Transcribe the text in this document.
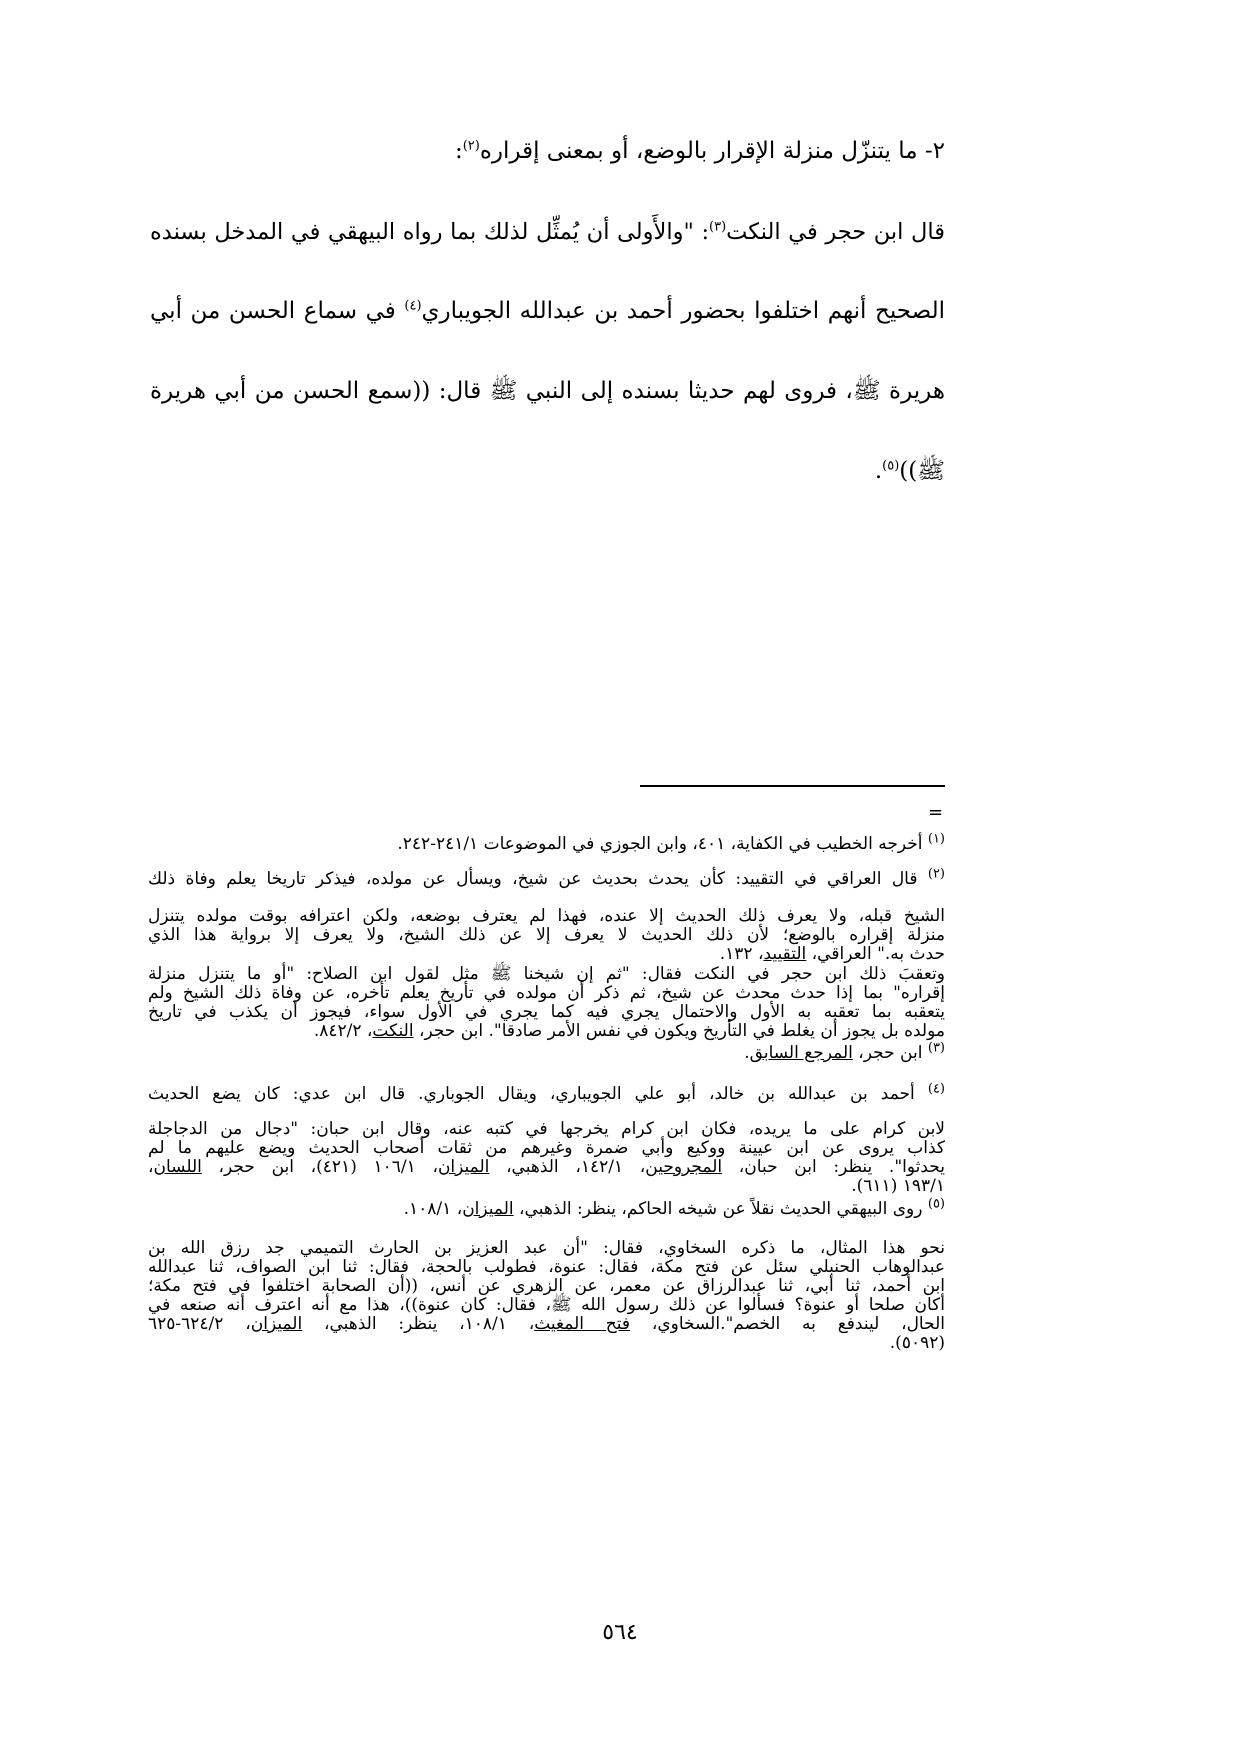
٢- ما يتنزّل منزلة الإقرار بالوضع، أو بمعنى إقراره$^{(٢)}$:
قال ابن حجر في النكت$^{(٣)}$: "والأَولى أن يُمثِّل لذلك بما رواه البيهقي في المدخل بسنده
الصحيح أنهم اختلفوا بحضور أحمد بن عبدالله الجويباري$^{(٤)}$ في سماع الحسن من أبي
هريرة ﷺ، فروى لهم حديثا بسنده إلى النبي ﷺ قال: ((سمع الحسن من أبي هريرة
ﷺ))$^{(٥)}$.
=
$^{(١)}$ أخرجه الخطيب في الكفاية، ٤٠١، وابن الجوزي في الموضوعات ٢٤١/١-٢٤٢.
$^{(٢)}$ قال العراقي في التقييد: كأن يحدث بحديث عن شيخ، ويسأل عن مولده، فيذكر تاريخا يعلم وفاة ذلك
الشيخ قبله، ولا يعرف ذلك الحديث إلا عنده، فهذا لم يعترف بوضعه، ولكن اعترافه بوقت مولده يتنزل
منزلة إقراره بالوضع؛ لأن ذلك الحديث لا يعرف إلا عن ذلك الشيخ، ولا يعرف إلا برواية هذا الذي
حدث به." العراقي، التقييد، ١٣٢.
وتعقبَ ذلك ابن حجر في النكت فقال: "ثم إن شيخنا ﷺ مثل لقول ابن الصلاح: "أو ما يتنزل منزلة
إقراره" بما إذا حدث محدث عن شيخ، ثم ذكر أن مولده في تأريخ يعلم تأخره، عن وفاة ذلك الشيخ ولم
يتعقبه بما تعقبه به الأول والاحتمال يجري فيه كما يجري في الأول سواء، فيجوز أن يكذب في تاريخ
مولده بل يجوز أن يغلط في التأريخ ويكون في نفس الأمر صادقا". ابن حجر، النكت، ٨٤٢/٢.
$^{(٣)}$ ابن حجر، المرجع السابق.
$^{(٤)}$ أحمد بن عبدالله بن خالد، أبو علي الجويباري، ويقال الجوباري. قال ابن عدي: كان يضع الحديث
لابن كرام على ما يريده، فكان ابن كرام يخرجها في كتبه عنه، وقال ابن حبان: "دجال من الدجاجلة
كذاب يروى عن ابن عيينة ووكيع وأبي ضمرة وغيرهم من ثقات أصحاب الحديث ويضع عليهم ما لم
يحدثوا". ينظر: ابن حبان، المجروحين، ١٤٢/١، الذهبي، الميزان، ١٠٦/١ (٤٢١)، ابن حجر، اللسان،
١٩٣/١ (٦١١).
$^{(٥)}$ روى البيهقي الحديث نقلاً عن شيخه الحاكم، ينظر: الذهبي، الميزان، ١٠٨/١.
نحو هذا المثال، ما ذكره السخاوي، فقال: "أن عبد العزيز بن الحارث التميمي جد رزق الله بن
عبدالوهاب الحنبلي سئل عن فتح مكة، فقال: عنوة، فطولب بالحجة، فقال: ثنا ابن الصواف، ثنا عبدالله
ابن أحمد، ثنا أبي، ثنا عبدالرزاق عن معمر، عن الزهري عن أنس، ((أن الصحابة اختلفوا في فتح مكة؛
أكان صلحا أو عنوة؟ فسألوا عن ذلك رسول الله ﷺ، فقال: كان عنوة))، هذا مع أنه اعترف أنه صنعه في
الحال، ليندفع به الخصم".السخاوي، فتح المغيث، ١٠٨/١، ينظر: الذهبي، الميزان، ٦٢٤/٢-٦٢٥
(٥٠٩٢).
٥٦٤
